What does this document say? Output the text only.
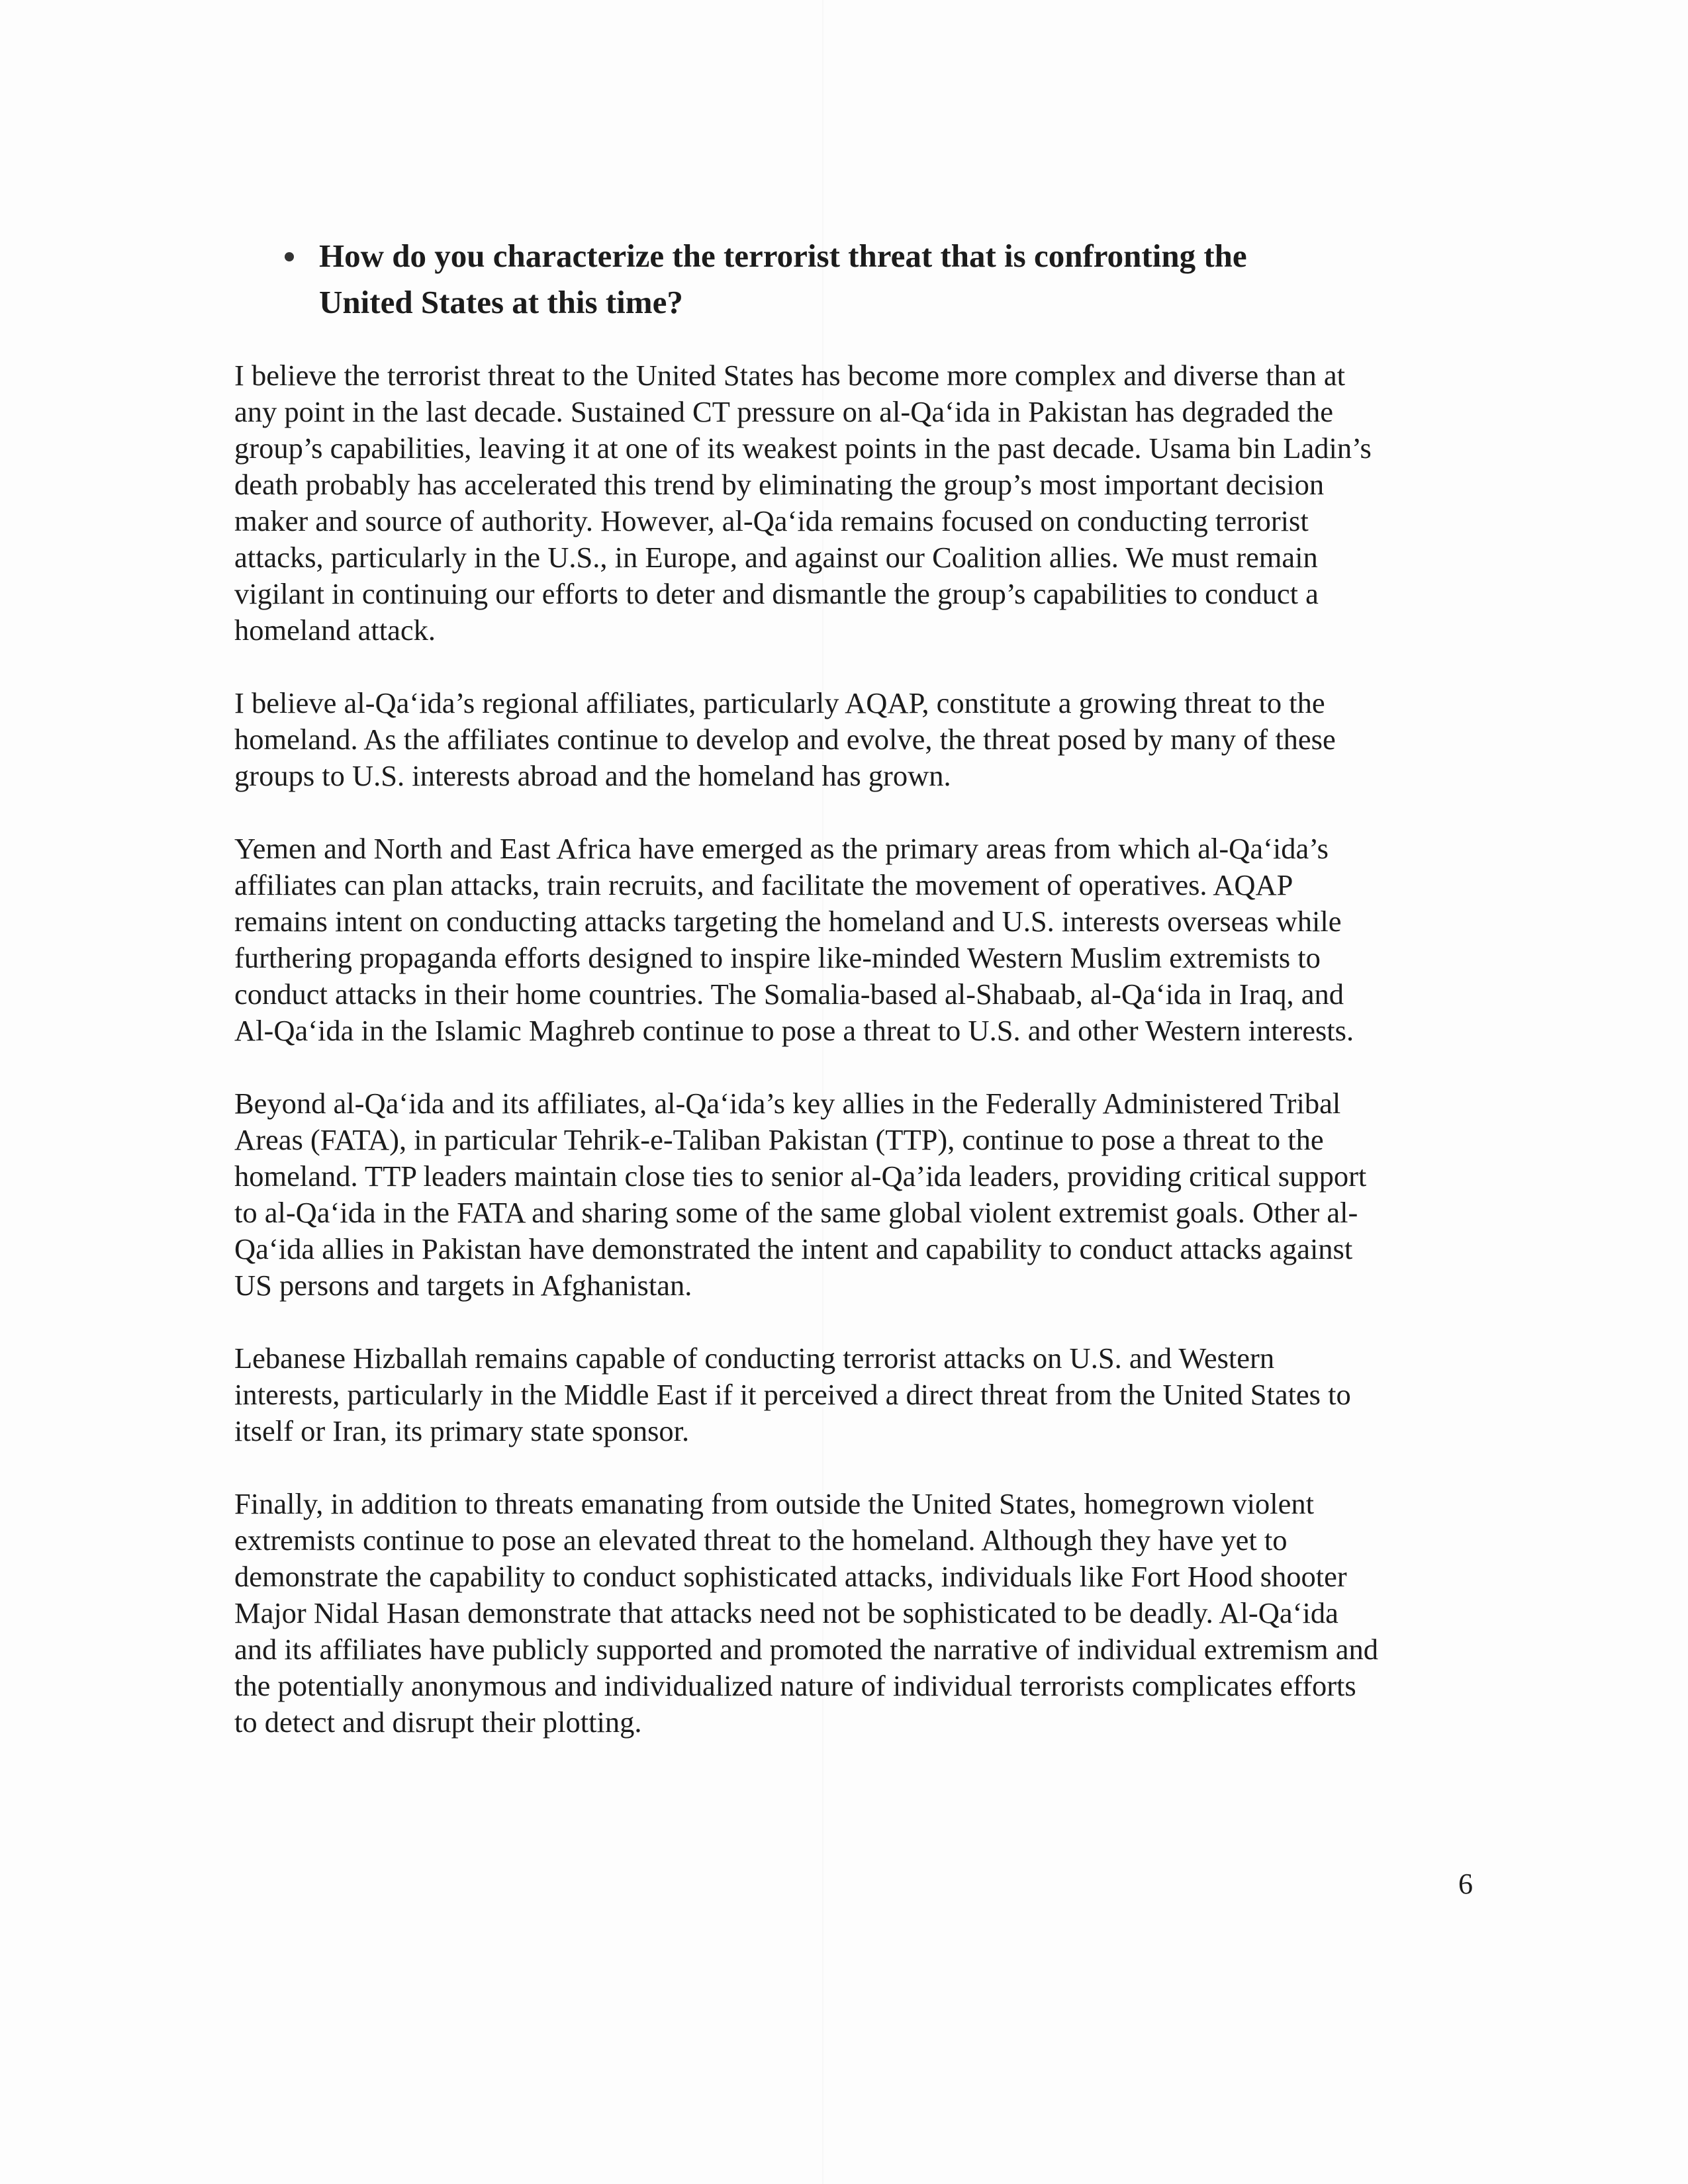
How do you characterize the terrorist threat that is confronting the
United States at this time?

I believe the terrorist threat to the United States has become more complex and diverse than at
any point in the last decade. Sustained CT pressure on al-Qa‘ida in Pakistan has degraded the
group’s capabilities, leaving it at one of its weakest points in the past decade. Usama bin Ladin’s
death probably has accelerated this trend by eliminating the group’s most important decision
maker and source of authority. However, al-Qa‘ida remains focused on conducting terrorist
attacks, particularly in the U.S., in Europe, and against our Coalition allies. We must remain
vigilant in continuing our efforts to deter and dismantle the group’s capabilities to conduct a
homeland attack.

I believe al-Qa‘ida’s regional affiliates, particularly AQAP, constitute a growing threat to the
homeland. As the affiliates continue to develop and evolve, the threat posed by many of these
groups to U.S. interests abroad and the homeland has grown.

Yemen and North and East Africa have emerged as the primary areas from which al-Qa‘ida’s
affiliates can plan attacks, train recruits, and facilitate the movement of operatives. AQAP
remains intent on conducting attacks targeting the homeland and U.S. interests overseas while
furthering propaganda efforts designed to inspire like-minded Western Muslim extremists to
conduct attacks in their home countries. The Somalia-based al-Shabaab, al-Qa‘ida in Iraq, and
Al-Qa‘ida in the Islamic Maghreb continue to pose a threat to U.S. and other Western interests.

Beyond al-Qa‘ida and its affiliates, al-Qa‘ida’s key allies in the Federally Administered Tribal
Areas (FATA), in particular Tehrik-e-Taliban Pakistan (TTP), continue to pose a threat to the
homeland. TTP leaders maintain close ties to senior al-Qa’ida leaders, providing critical support
to al-Qa‘ida in the FATA and sharing some of the same global violent extremist goals. Other al-
Qa‘ida allies in Pakistan have demonstrated the intent and capability to conduct attacks against
US persons and targets in Afghanistan.

Lebanese Hizballah remains capable of conducting terrorist attacks on U.S. and Western
interests, particularly in the Middle East if it perceived a direct threat from the United States to
itself or Iran, its primary state sponsor.

Finally, in addition to threats emanating from outside the United States, homegrown violent
extremists continue to pose an elevated threat to the homeland. Although they have yet to
demonstrate the capability to conduct sophisticated attacks, individuals like Fort Hood shooter
Major Nidal Hasan demonstrate that attacks need not be sophisticated to be deadly. Al-Qa‘ida
and its affiliates have publicly supported and promoted the narrative of individual extremism and
the potentially anonymous and individualized nature of individual terrorists complicates efforts
to detect and disrupt their plotting.

6
